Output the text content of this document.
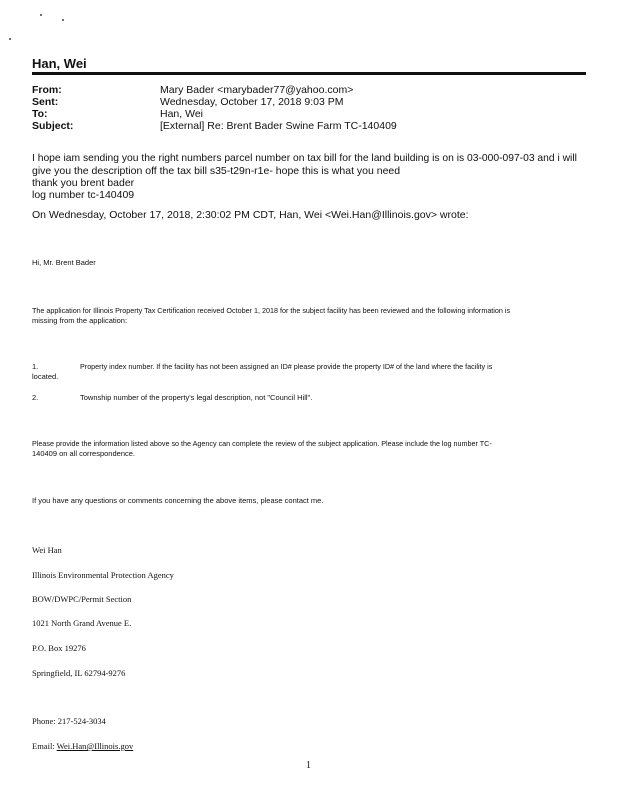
Han, Wei
From:	Mary Bader <marybader77@yahoo.com>
Sent:	Wednesday, October 17, 2018 9:03 PM
To:	Han, Wei
Subject:	[External] Re: Brent Bader Swine Farm TC-140409
I hope iam sending you the right numbers parcel number on tax bill for the land building is on is 03-000-097-03 and i will
give you the description off the tax bill s35-t29n-r1e- hope this is what you need
thank you brent bader
log number tc-140409
On Wednesday, October 17, 2018, 2:30:02 PM CDT, Han, Wei <Wei.Han@Illinois.gov> wrote:
Hi, Mr. Brent Bader
The application for Illinois Property Tax Certification received October 1, 2018 for the subject facility has been reviewed and the following information is
missing from the application:
1.	Property index number. If the facility has not been assigned an ID# please provide the property ID# of the land where the facility is
located.
2.	Township number of the property's legal description, not "Council Hill".
Please provide the information listed above so the Agency can complete the review of the subject application. Please include the log number TC-
140409 on all correspondence.
If you have any questions or comments concerning the above items, please contact me.
Wei Han
Illinois Environmental Protection Agency
BOW/DWPC/Permit Section
1021 North Grand Avenue E.
P.O. Box 19276
Springfield, IL 62794-9276
Phone: 217-524-3034
Email: Wei.Han@Illinois.gov
1
